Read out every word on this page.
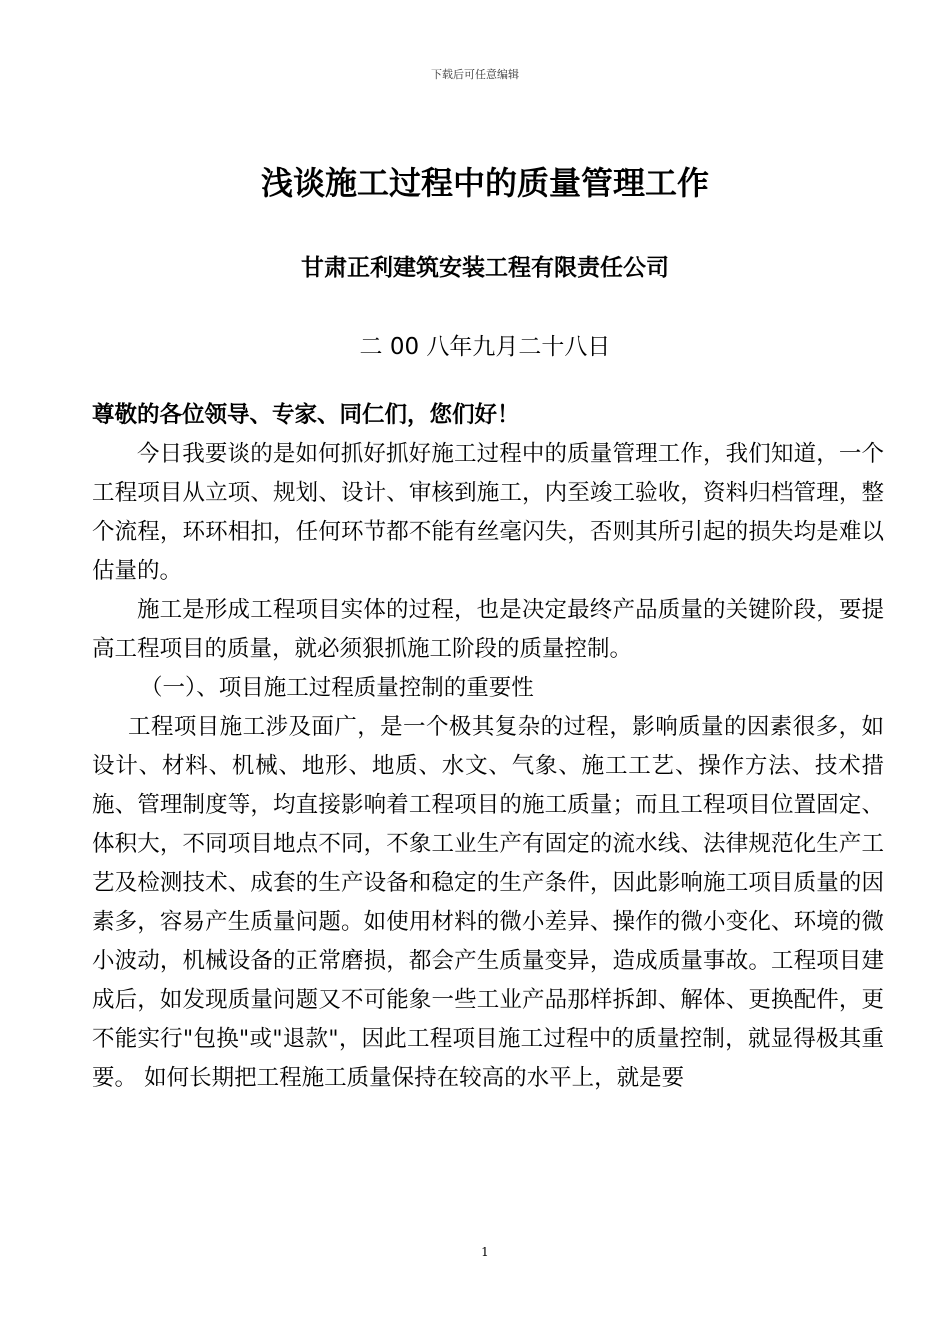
下载后可任意编辑
浅谈施工过程中的质量管理工作
甘肃正利建筑安装工程有限责任公司
二 00 八年九月二十八日

尊敬的各位领导、专家、同仁们，您们好！

今日我要谈的是如何抓好抓好施工过程中的质量管理工作，我们知道，一个工程项目从立项、规划、设计、审核到施工，内至竣工验收，资料归档管理，整个流程，环环相扣，任何环节都不能有丝毫闪失，否则其所引起的损失均是难以估量的。

施工是形成工程项目实体的过程，也是决定最终产品质量的关键阶段，要提高工程项目的质量，就必须狠抓施工阶段的质量控制。

（一）、项目施工过程质量控制的重要性

工程项目施工涉及面广，是一个极其复杂的过程，影响质量的因素很多，如设计、材料、机械、地形、地质、水文、气象、施工工艺、操作方法、技术措施、管理制度等，均直接影响着工程项目的施工质量；而且工程项目位置固定、体积大，不同项目地点不同，不象工业生产有固定的流水线、法律规范化生产工艺及检测技术、成套的生产设备和稳定的生产条件，因此影响施工项目质量的因素多，容易产生质量问题。如使用材料的微小差异、操作的微小变化、环境的微小波动，机械设备的正常磨损，都会产生质量变异，造成质量事故。工程项目建成后，如发现质量问题又不可能象一些工业产品那样拆卸、解体、更换配件，更不能实行"包换"或"退款"，因此工程项目施工过程中的质量控制，就显得极其重要。 如何长期把工程施工质量保持在较高的水平上，就是要

1
